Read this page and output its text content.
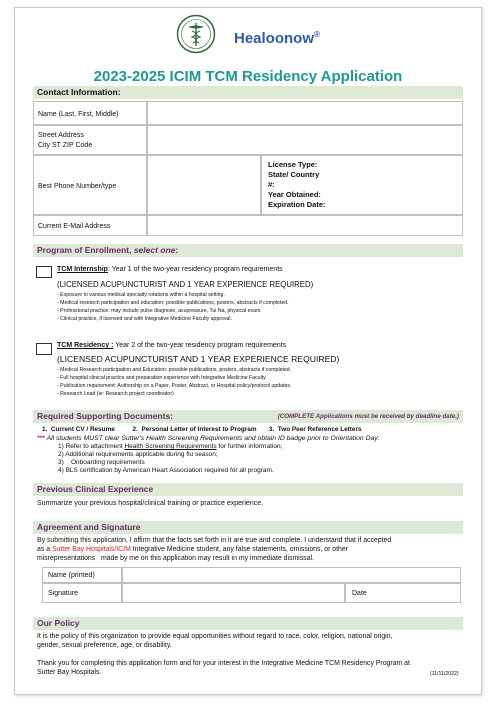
Healoonow®
2023-2025 ICIM TCM Residency Application
Contact Information:
Name (Last, First, Middle)
Street Address
City ST ZIP Code
Best Phone Number/type
License Type:
State/ Country
#:
Year Obtained:
Expiration Date:
Current E-Mail Address
Program of Enrollment, select one:
TCM Internship: Year 1 of the two-year residency program requirements
(LICENSED ACUPUNCTURIST AND 1 YEAR EXPERIENCE REQUIRED)
- Exposure to various medical specialty rotations within a hospital setting.
- Medical research participation and education: possible publications, posters, abstracts if completed.
- Professional practice: may include pulse diagnose, acupressure, Tui Na, physical exam.
- Clinical practice, if licensed and with Integrative Medicine Faculty approval.
TCM Residency : Year 2 of the two-year residency program requirements
(LICENSED ACUPUNCTURIST AND 1 YEAR EXPERIENCE REQUIRED)
- Medical Research participation and Education: possible publications, posters, abstracts if completed.
- Full hospital clinical practice and preparation experience with Integrative Medicine Faculty.
- Publication requirement: Authorship on a Paper, Poster, Abstract, or Hospital policy/protocol updates.
- Research Lead (ie: Research project coordinator)
Required Supporting Documents:	(COMPLETE Applications must be received by deadline date.)
1.  Current CV / Resume          2.  Personal Letter of Interest to Program       3.  Two Peer Reference Letters
*** All students MUST clear Sutter's Health Screening Requirements and obtain ID badge prior to Orientation Day:
1) Refer to attachment Health Screening Requirements for further information;
2) Additional requirements applicable during flu season;
3)    Onboarding requirements
4) BLS certification by American Heart Association required for all program.
Previous Clinical Experience
Summarize your previous hospital/clinical training or practice experience.
Agreement and Signature
By submitting this application, I affirm that the facts set forth in it are true and complete. I understand that if accepted
as a Sutter Bay Hospitals/ICIM Integrative Medicine student, any false statements, omissions, or other
misrepresentations   made by me on this application may result in my immediate dismissal.
Name (printed)
Signature	Date
Our Policy
It is the policy of this organization to provide equal opportunities without regard to race, color, religion, national origin,
gender, sexual preference, age, or disability.
Thank you for completing this application form and for your interest in the Integrative Medicine TCM Residency Program at
Sutter Bay Hospitals.	(11/11/2022)
